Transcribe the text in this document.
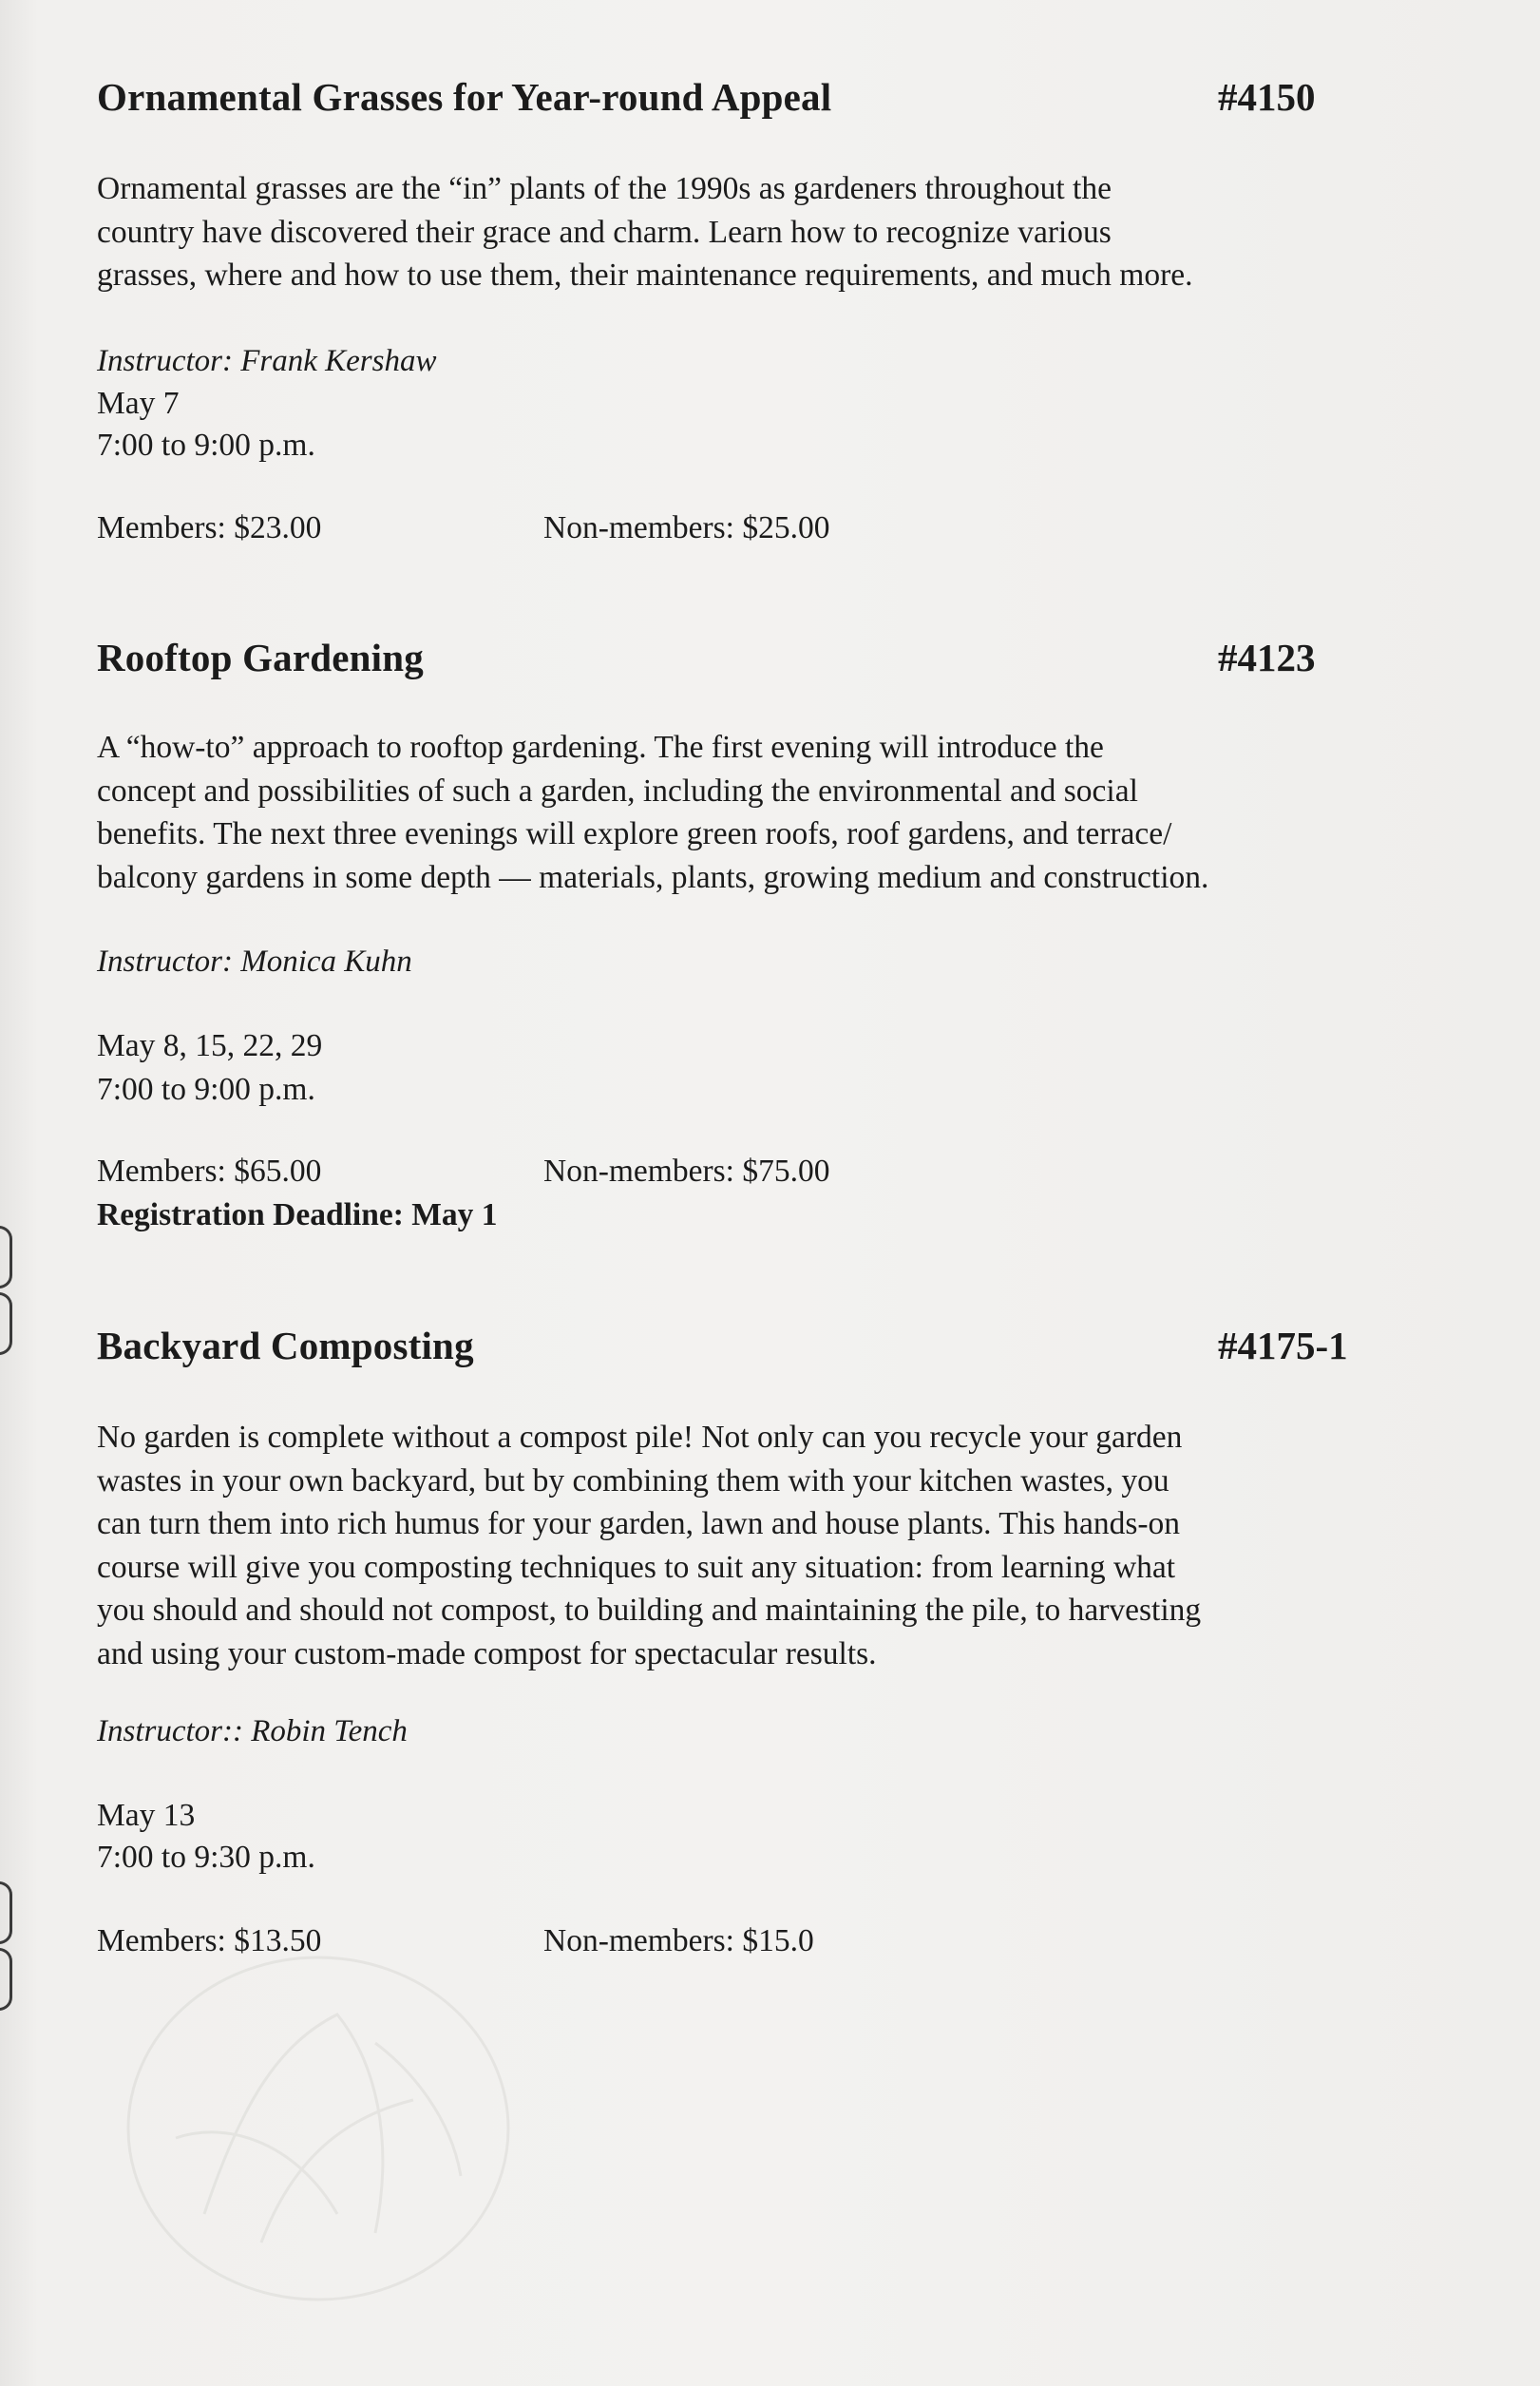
Ornamental Grasses for Year-round Appeal	#4150
Ornamental grasses are the “in” plants of the 1990s as gardeners throughout the
country have discovered their grace and charm. Learn how to recognize various
grasses, where and how to use them, their maintenance requirements, and much more.
Instructor: Frank Kershaw
May 7
7:00 to 9:00 p.m.
Members: $23.00	Non-members: $25.00
Rooftop Gardening	#4123
A “how-to” approach to rooftop gardening. The first evening will introduce the
concept and possibilities of such a garden, including the environmental and social
benefits. The next three evenings will explore green roofs, roof gardens, and terrace/
balcony gardens in some depth — materials, plants, growing medium and construction.
Instructor: Monica Kuhn
May 8, 15, 22, 29
7:00 to 9:00 p.m.
Members: $65.00	Non-members: $75.00
Registration Deadline: May 1
Backyard Composting	#4175-1
No garden is complete without a compost pile! Not only can you recycle your garden
wastes in your own backyard, but by combining them with your kitchen wastes, you
can turn them into rich humus for your garden, lawn and house plants. This hands-on
course will give you composting techniques to suit any situation: from learning what
you should and should not compost, to building and maintaining the pile, to harvesting
and using your custom-made compost for spectacular results.
Instructor:: Robin Tench
May 13
7:00 to 9:30 p.m.
Members: $13.50	Non-members: $15.0
